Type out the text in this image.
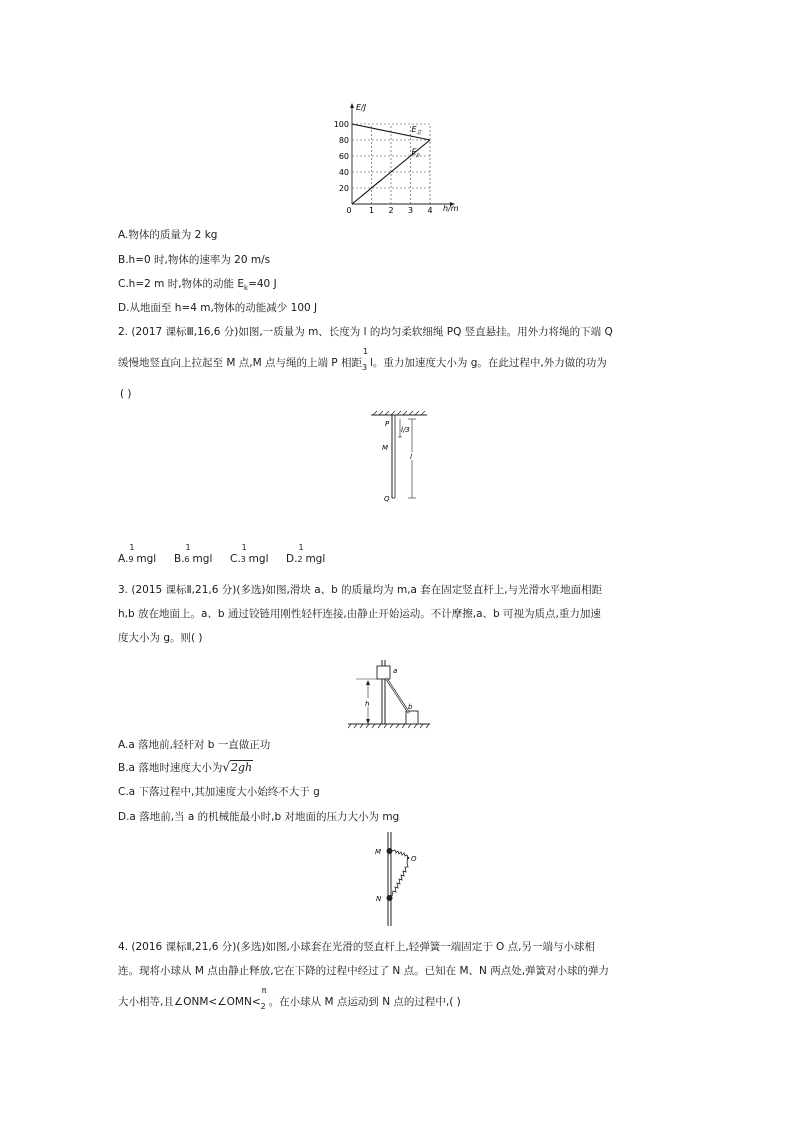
$E_总$
$E_p$
20
40
60
80
100
0 1 2 3 4
E/J
h/m
A.物体的质量为 2 kg
B.h=0 时,物体的速率为 20 m/s
C.h=2 m 时,物体的动能 $E_k=40$ J
D.从地面至 h=4 m,物体的动能减少 100 J
2. (2017 课标Ⅲ,16,6 分)如图,一质量为 m、长度为 l 的均匀柔软细绳 PQ 竖直悬挂。用外力将绳的下端 Q
缓慢地竖直向上拉起至 M 点,M 点与绳的上端 P 相距
1
$_3$ l。重力加速度大小为 g。在此过程中,外力做的功为
( )
P
M
Q
l/3
l
A.
1
9 mgl B.
1
6 mgl C.
1
3 mgl D.
1
2 mgl
3. (2015 课标Ⅱ,21,6 分)(多选)如图,滑块 a、b 的质量均为 m,a 套在固定竖直杆上,与光滑水平地面相距
h,b 放在地面上。a、b 通过铰链用刚性轻杆连接,由静止开始运动。不计摩擦,a、b 可视为质点,重力加速
度大小为 g。则( )
a
b
h
A.a 落地前,轻杆对 b 一直做正功
B.a 落地时速度大小为√2gh
C.a 下落过程中,其加速度大小始终不大于 g
D.a 落地前,当 a 的机械能最小时,b 对地面的压力大小为 mg
M
N
O
4. (2016 课标Ⅱ,21,6 分)(多选)如图,小球套在光滑的竖直杆上,轻弹簧一端固定于 O 点,另一端与小球相
连。现将小球从 M 点由静止释放,它在下降的过程中经过了 N 点。已知在 M、N 两点处,弹簧对小球的弹力
大小相等,且∠ONM<∠OMN<
π
$_2$ 。在小球从 M 点运动到 N 点的过程中,( )
